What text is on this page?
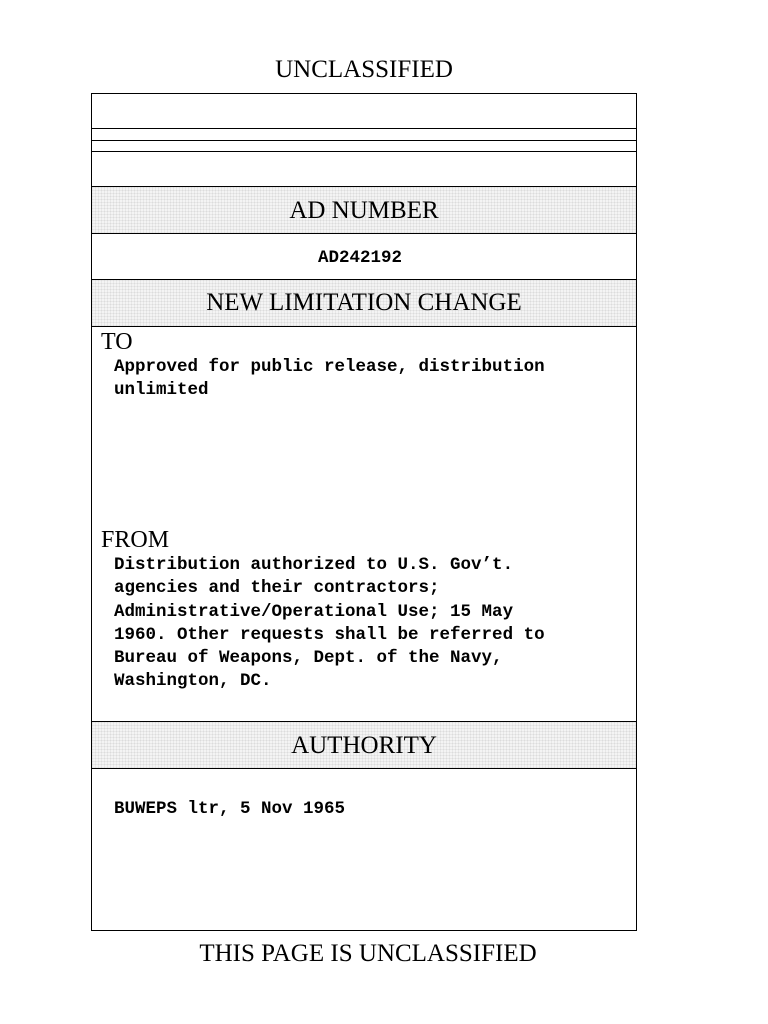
UNCLASSIFIED
AD NUMBER
AD242192
NEW LIMITATION CHANGE
TO
Approved for public release, distribution
unlimited
FROM
Distribution authorized to U.S. Gov’t.
agencies and their contractors;
Administrative/Operational Use; 15 May
1960. Other requests shall be referred to
Bureau of Weapons, Dept. of the Navy,
Washington, DC.
AUTHORITY
BUWEPS ltr, 5 Nov 1965
THIS PAGE IS UNCLASSIFIED
